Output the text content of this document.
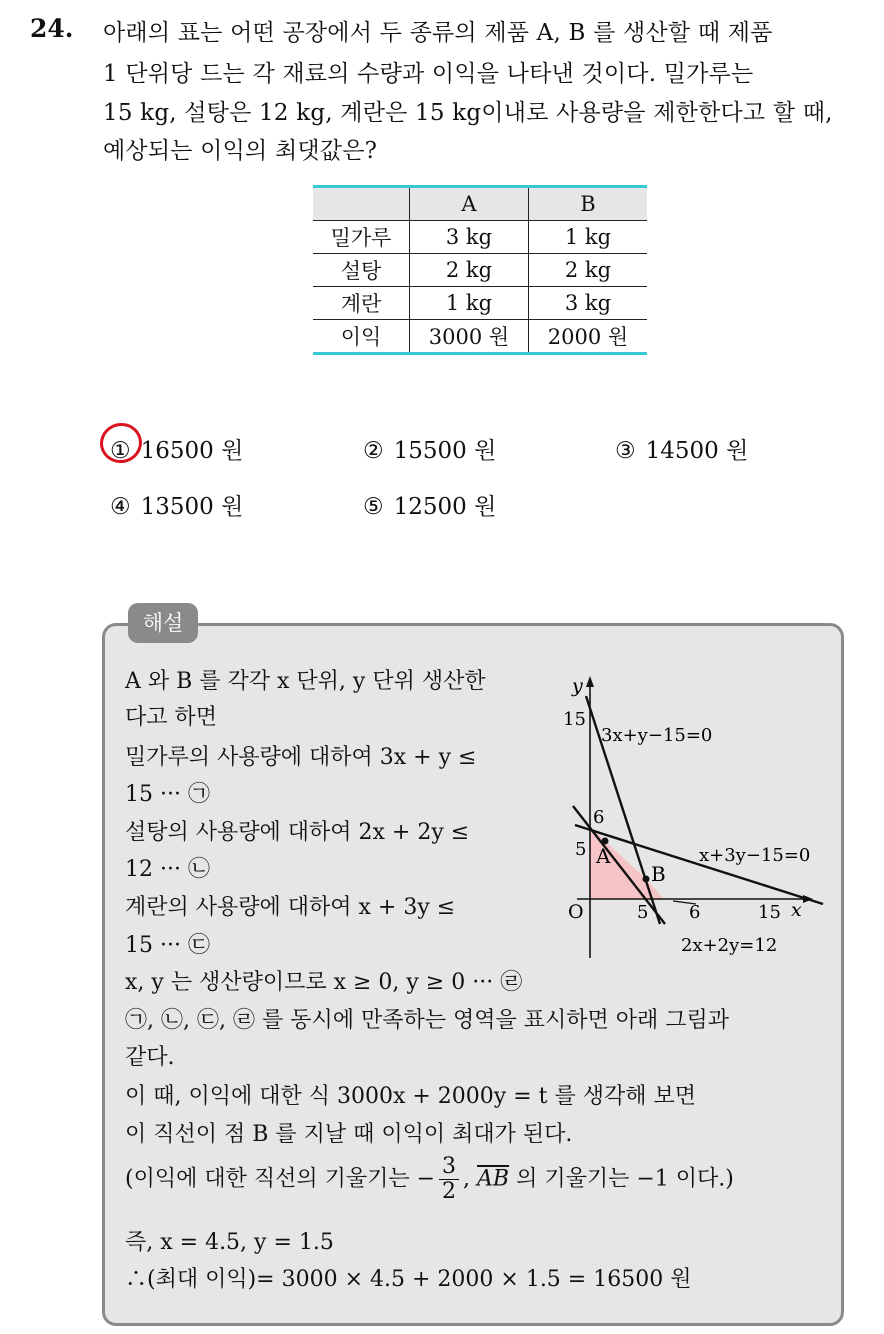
24. 아래의 표는 어떤 공장에서 두 종류의 제품 A, B 를 생산할 때 제품
1 단위당 드는 각 재료의 수량과 이익을 나타낸 것이다. 밀가루는
15 kg, 설탕은 12 kg, 계란은 15 kg이내로 사용량을 제한한다고 할 때,
예상되는 이익의 최댓값은?
	A	B
밀가루	3 kg	1 kg
설탕	2 kg	2 kg
계란	1 kg	3 kg
이익	3000 원	2000 원
① 16500 원	② 15500 원	③ 14500 원
④ 13500 원	⑤ 12500 원
해설
A 와 B 를 각각 x 단위, y 단위 생산한
다고 하면
밀가루의 사용량에 대하여 3x + y ≤
15 ··· ㉠
설탕의 사용량에 대하여 2x + 2y ≤
12 ··· ㉡
계란의 사용량에 대하여 x + 3y ≤
15 ··· ㉢
x, y 는 생산량이므로 x ≥ 0, y ≥ 0 ··· ㉣
㉠, ㉡, ㉢, ㉣ 를 동시에 만족하는 영역을 표시하면 아래 그림과
같다.
이 때, 이익에 대한 식 3000x + 2000y = t 를 생각해 보면
이 직선이 점 B 를 지날 때 이익이 최대가 된다.
(이익에 대한 직선의 기울기는 − $\frac{3}{2}$ , $\overline{AB}$ 의 기울기는 −1 이다.)
즉, x = 4.5, y = 1.5
∴(최대 이익)= 3000 × 4.5 + 2000 × 1.5 = 16500 원
y
x
O
15
6
5
5 6	15
3x+y−15=0
x+3y−15=0
2x+2y=12
A
B
